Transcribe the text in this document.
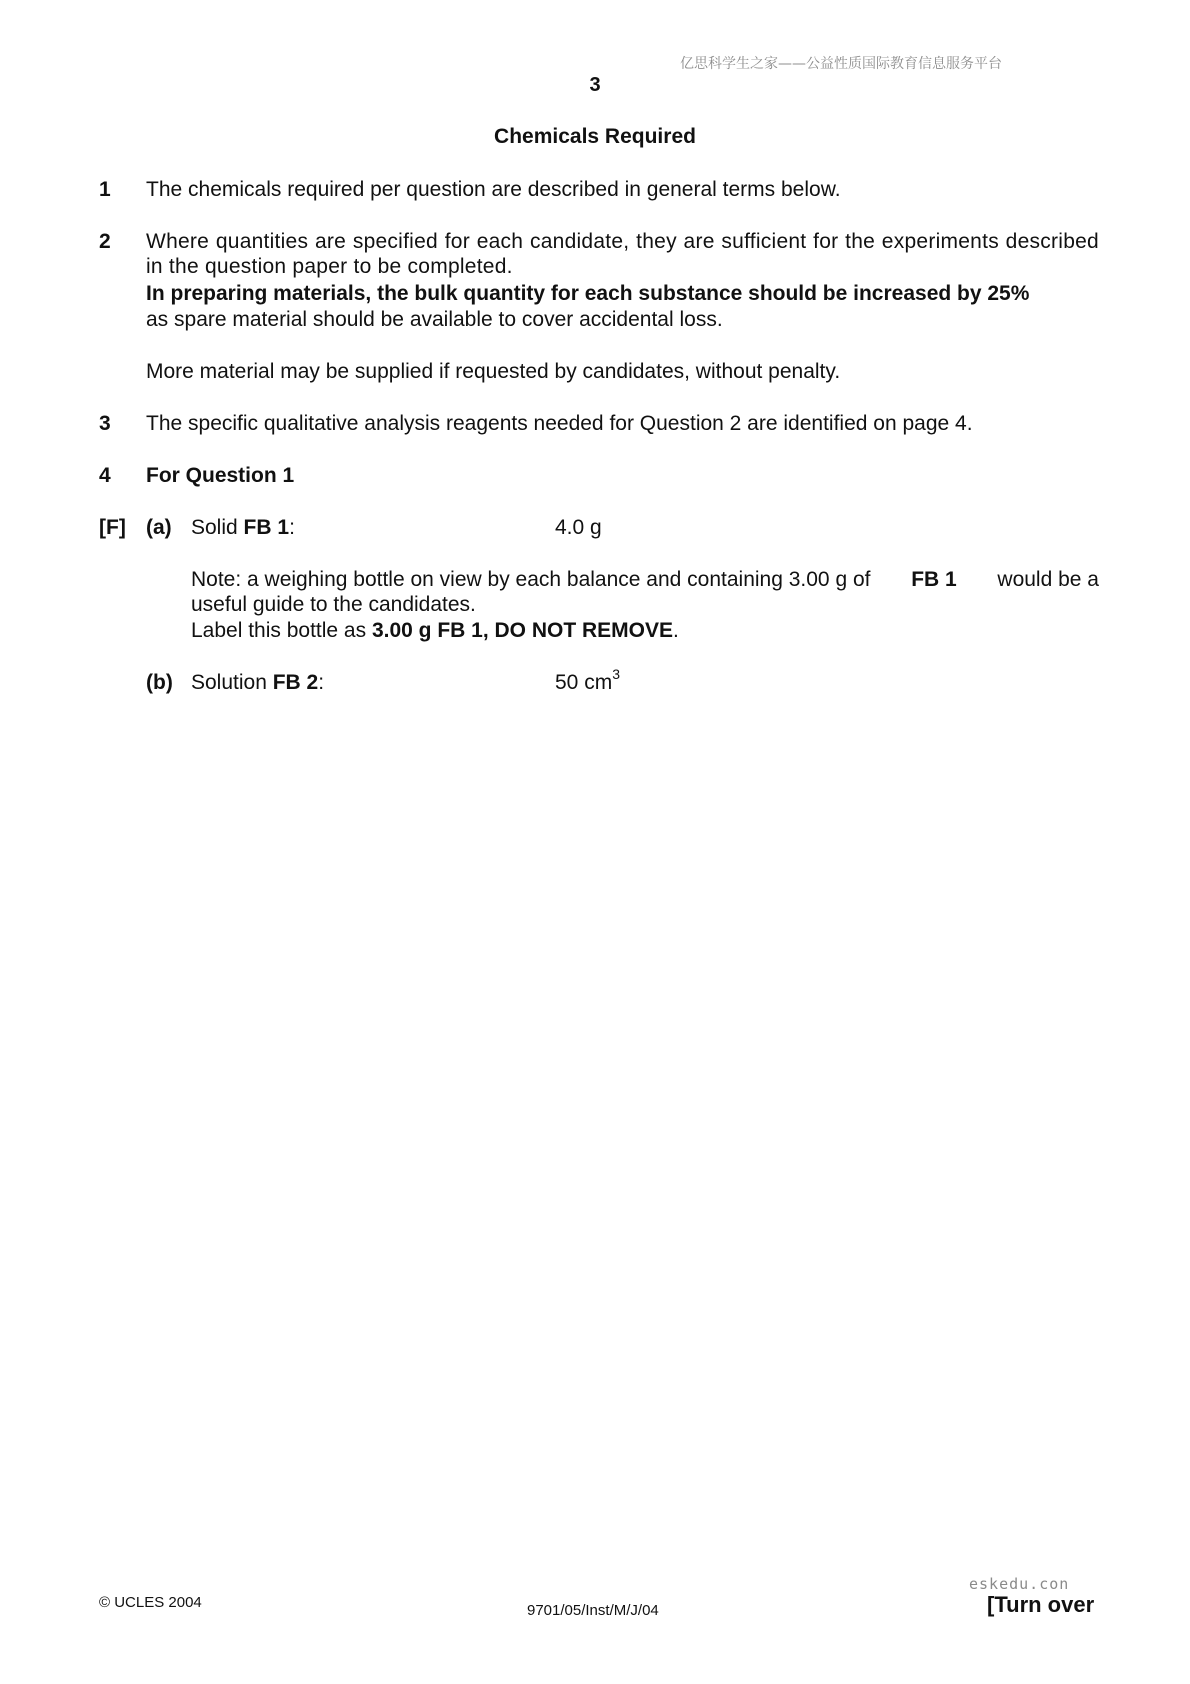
亿思科学生之家——公益性质国际教育信息服务平台
3
Chemicals Required
1 The chemicals required per question are described in general terms below.
2 Where quantities are specified for each candidate, they are sufficient for the experiments described in the question paper to be completed.
In preparing materials, the bulk quantity for each substance should be increased by 25%
as spare material should be available to cover accidental loss.
More material may be supplied if requested by candidates, without penalty.
3 The specific qualitative analysis reagents needed for Question 2 are identified on page 4.
4 For Question 1
[F] (a) Solid FB 1:	4.0 g
Note: a weighing bottle on view by each balance and containing 3.00 g of FB 1 would be a
useful guide to the candidates.
Label this bottle as 3.00 g FB 1, DO NOT REMOVE.
(b) Solution FB 2:	50 $cm^3$
© UCLES 2004	9701/05/Inst/M/J/04
eskedu.con
[Turn over
